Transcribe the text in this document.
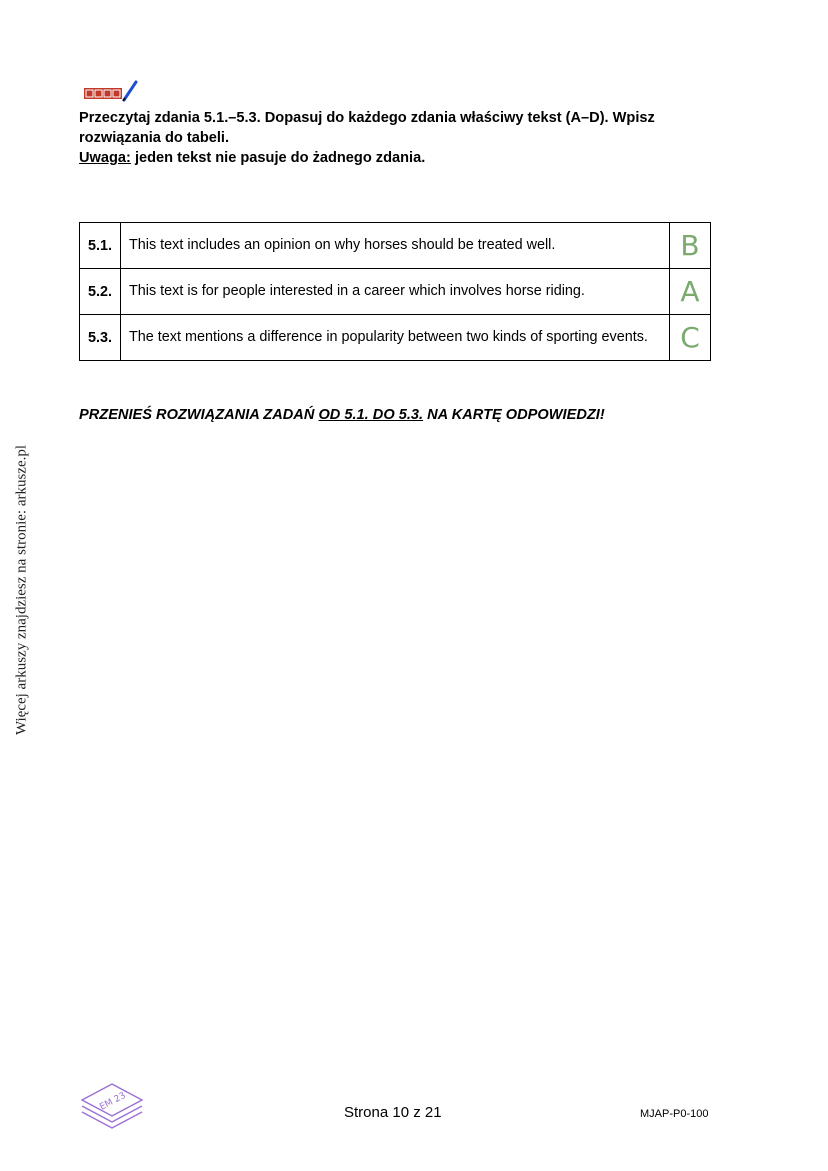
Więcej arkuszy znajdziesz na stronie: arkusze.pl
Przeczytaj zdania 5.1.–5.3. Dopasuj do każdego zdania właściwy tekst (A–D). Wpisz
rozwiązania do tabeli.
Uwaga: jeden tekst nie pasuje do żadnego zdania.
5.1.	This text includes an opinion on why horses should be treated well.	B
5.2.	This text is for people interested in a career which involves horse riding.	A
5.3.	The text mentions a difference in popularity between two kinds of sporting events.	C
PRZENIEŚ ROZWIĄZANIA ZADAŃ OD 5.1. DO 5.3. NA KARTĘ ODPOWIEDZI!
EM 23	Strona 10 z 21	MJAP-P0-100
